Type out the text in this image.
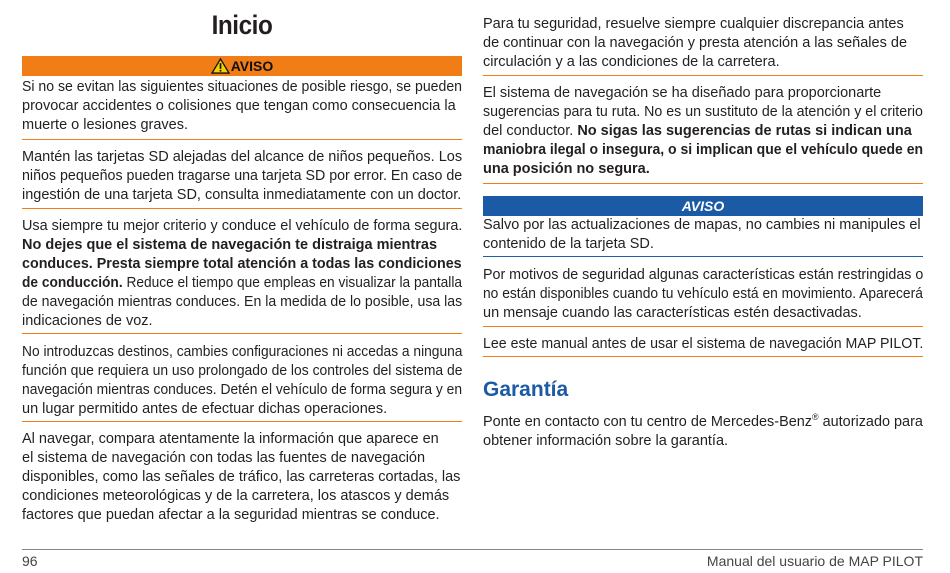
Inicio
AVISO
Si no se evitan las siguientes situaciones de posible riesgo, se pueden
provocar accidentes o colisiones que tengan como consecuencia la
muerte o lesiones graves.
Mantén las tarjetas SD alejadas del alcance de niños pequeños. Los
niños pequeños pueden tragarse una tarjeta SD por error. En caso de
ingestión de una tarjeta SD, consulta inmediatamente con un doctor.
Usa siempre tu mejor criterio y conduce el vehículo de forma segura.
No dejes que el sistema de navegación te distraiga mientras
conduces. Presta siempre total atención a todas las condiciones
de conducción. Reduce el tiempo que empleas en visualizar la pantalla
de navegación mientras conduces. En la medida de lo posible, usa las
indicaciones de voz.
No introduzcas destinos, cambies configuraciones ni accedas a ninguna
función que requiera un uso prolongado de los controles del sistema de
navegación mientras conduces. Detén el vehículo de forma segura y en
un lugar permitido antes de efectuar dichas operaciones.
Al navegar, compara atentamente la información que aparece en
el sistema de navegación con todas las fuentes de navegación
disponibles, como las señales de tráfico, las carreteras cortadas, las
condiciones meteorológicas y de la carretera, los atascos y demás
factores que puedan afectar a la seguridad mientras se conduce.
Para tu seguridad, resuelve siempre cualquier discrepancia antes
de continuar con la navegación y presta atención a las señales de
circulación y a las condiciones de la carretera.
El sistema de navegación se ha diseñado para proporcionarte
sugerencias para tu ruta. No es un sustituto de la atención y el criterio
del conductor. No sigas las sugerencias de rutas si indican una
maniobra ilegal o insegura, o si implican que el vehículo quede en
una posición no segura.
AVISO
Salvo por las actualizaciones de mapas, no cambies ni manipules el
contenido de la tarjeta SD.
Por motivos de seguridad algunas características están restringidas o
no están disponibles cuando tu vehículo está en movimiento. Aparecerá
un mensaje cuando las características estén desactivadas.
Lee este manual antes de usar el sistema de navegación MAP PILOT.
Garantía
Ponte en contacto con tu centro de Mercedes-Benz® autorizado para
obtener información sobre la garantía.
96	Manual del usuario de MAP PILOT
